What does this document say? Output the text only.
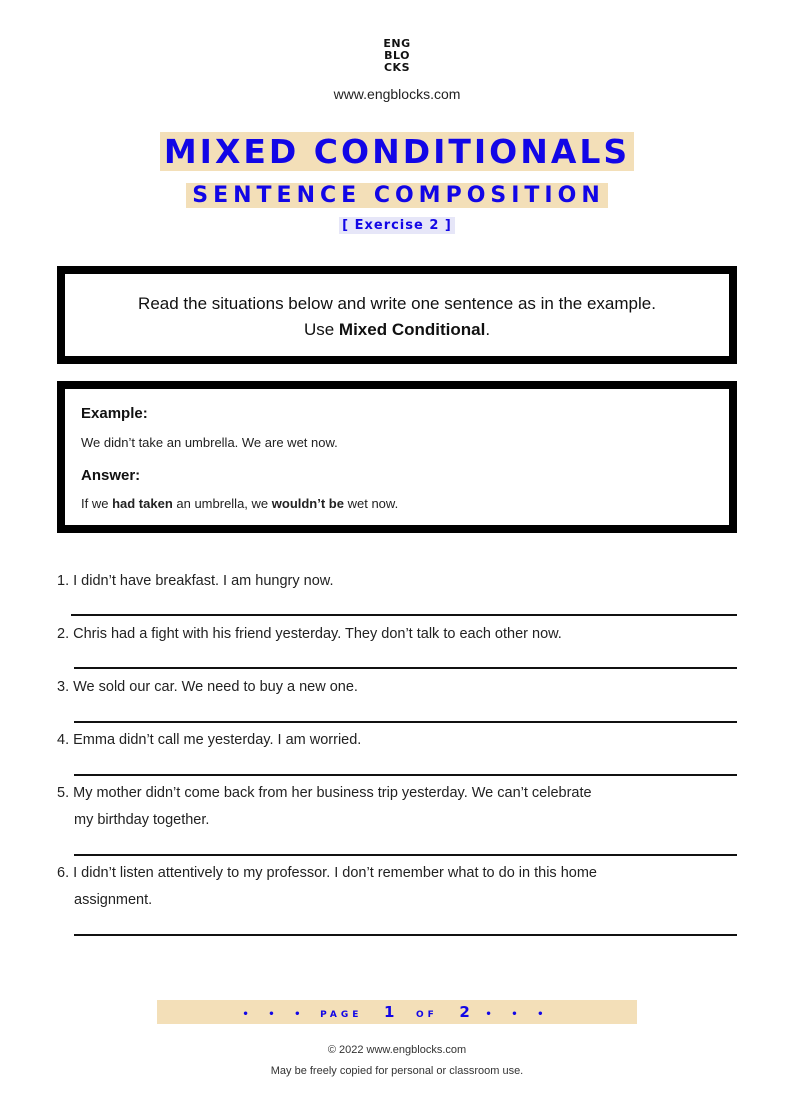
ENG
BLO
CKS
www.engblocks.com
MIXED CONDITIONALS
SENTENCE COMPOSITION
[ Exercise 2 ]
Read the situations below and write one sentence as in the example.
Use Mixed Conditional.
Example:
We didn’t take an umbrella. We are wet now.
Answer:
If we had taken an umbrella, we wouldn’t be wet now.
1. I didn’t have breakfast. I am hungry now.
2. Chris had a fight with his friend yesterday. They don’t talk to each other now.
3. We sold our car. We need to buy a new one.
4. Emma didn’t call me yesterday. I am worried.
5. My mother didn’t come back from her business trip yesterday. We can’t celebrate
my birthday together.
6. I didn’t listen attentively to my professor. I don’t remember what to do in this home
assignment.
• • • PAGE 1 OF 2 • • •
© 2022 www.engblocks.com
May be freely copied for personal or classroom use.
